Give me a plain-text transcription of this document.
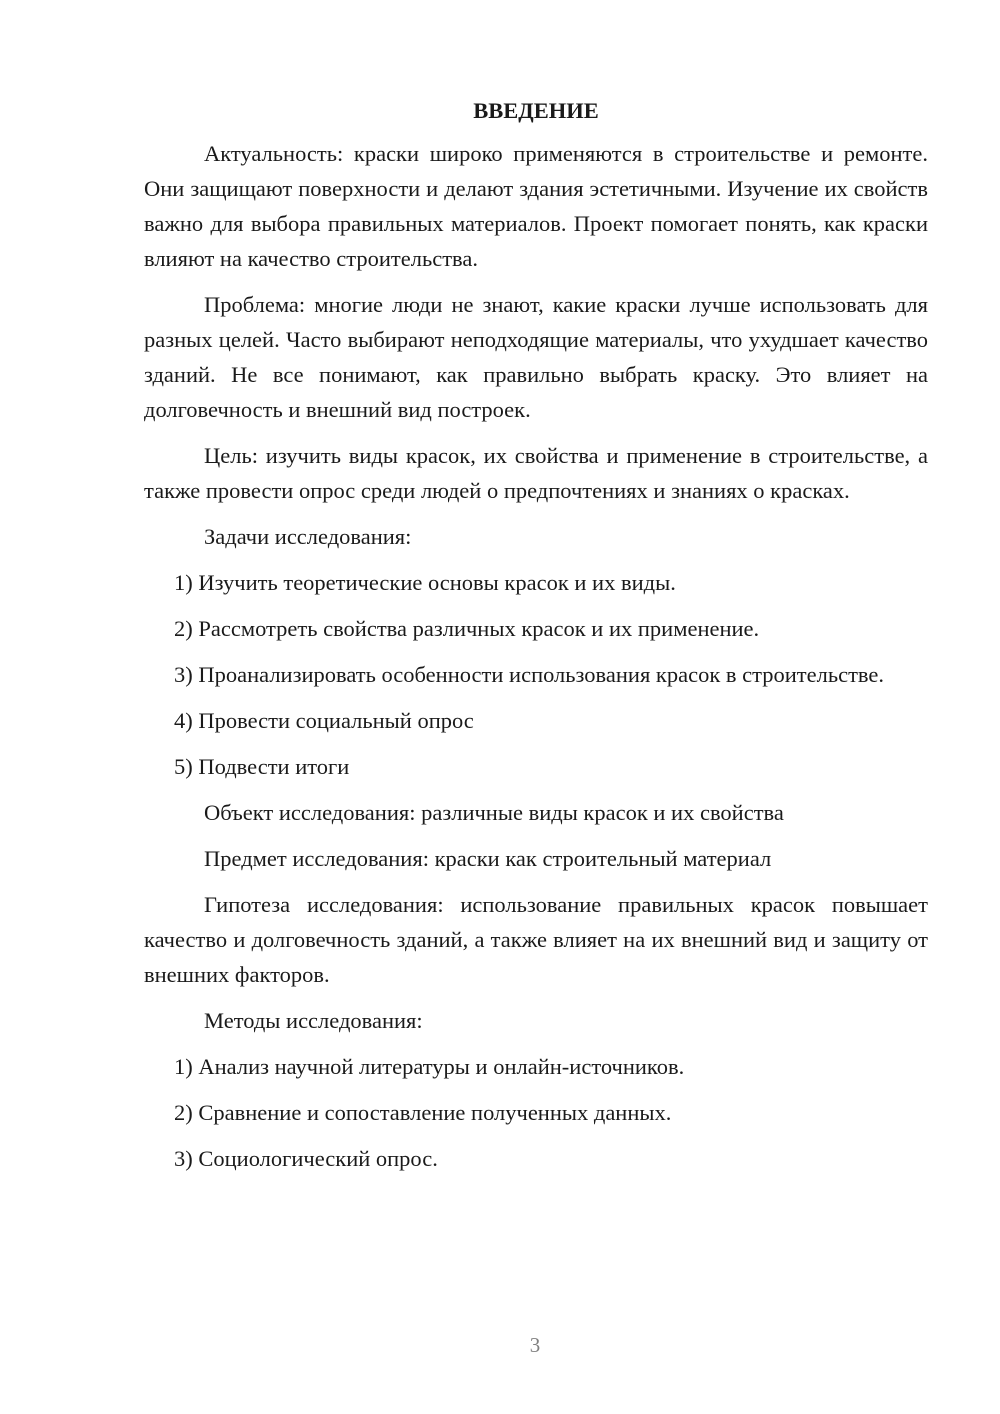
ВВЕДЕНИЕ

Актуальность: краски широко применяются в строительстве и ремонте. Они защищают поверхности и делают здания эстетичными. Изучение их свойств важно для выбора правильных материалов. Проект помогает понять, как краски влияют на качество строительства.

Проблема: многие люди не знают, какие краски лучше использовать для разных целей. Часто выбирают неподходящие материалы, что ухудшает качество зданий. Не все понимают, как правильно выбрать краску. Это влияет на долговечность и внешний вид построек.

Цель: изучить виды красок, их свойства и применение в строительстве, а также провести опрос среди людей о предпочтениях и знаниях о красках.

Задачи исследования:

1) Изучить теоретические основы красок и их виды.

2) Рассмотреть свойства различных красок и их применение.

3) Проанализировать особенности использования красок в строительстве.

4) Провести социальный опрос

5) Подвести итоги

Объект исследования: различные виды красок и их свойства

Предмет исследования: краски как строительный материал

Гипотеза исследования: использование правильных красок повышает качество и долговечность зданий, а также влияет на их внешний вид и защиту от внешних факторов.

Методы исследования:

1) Анализ научной литературы и онлайн-источников.

2) Сравнение и сопоставление полученных данных.

3) Социологический опрос.

3
